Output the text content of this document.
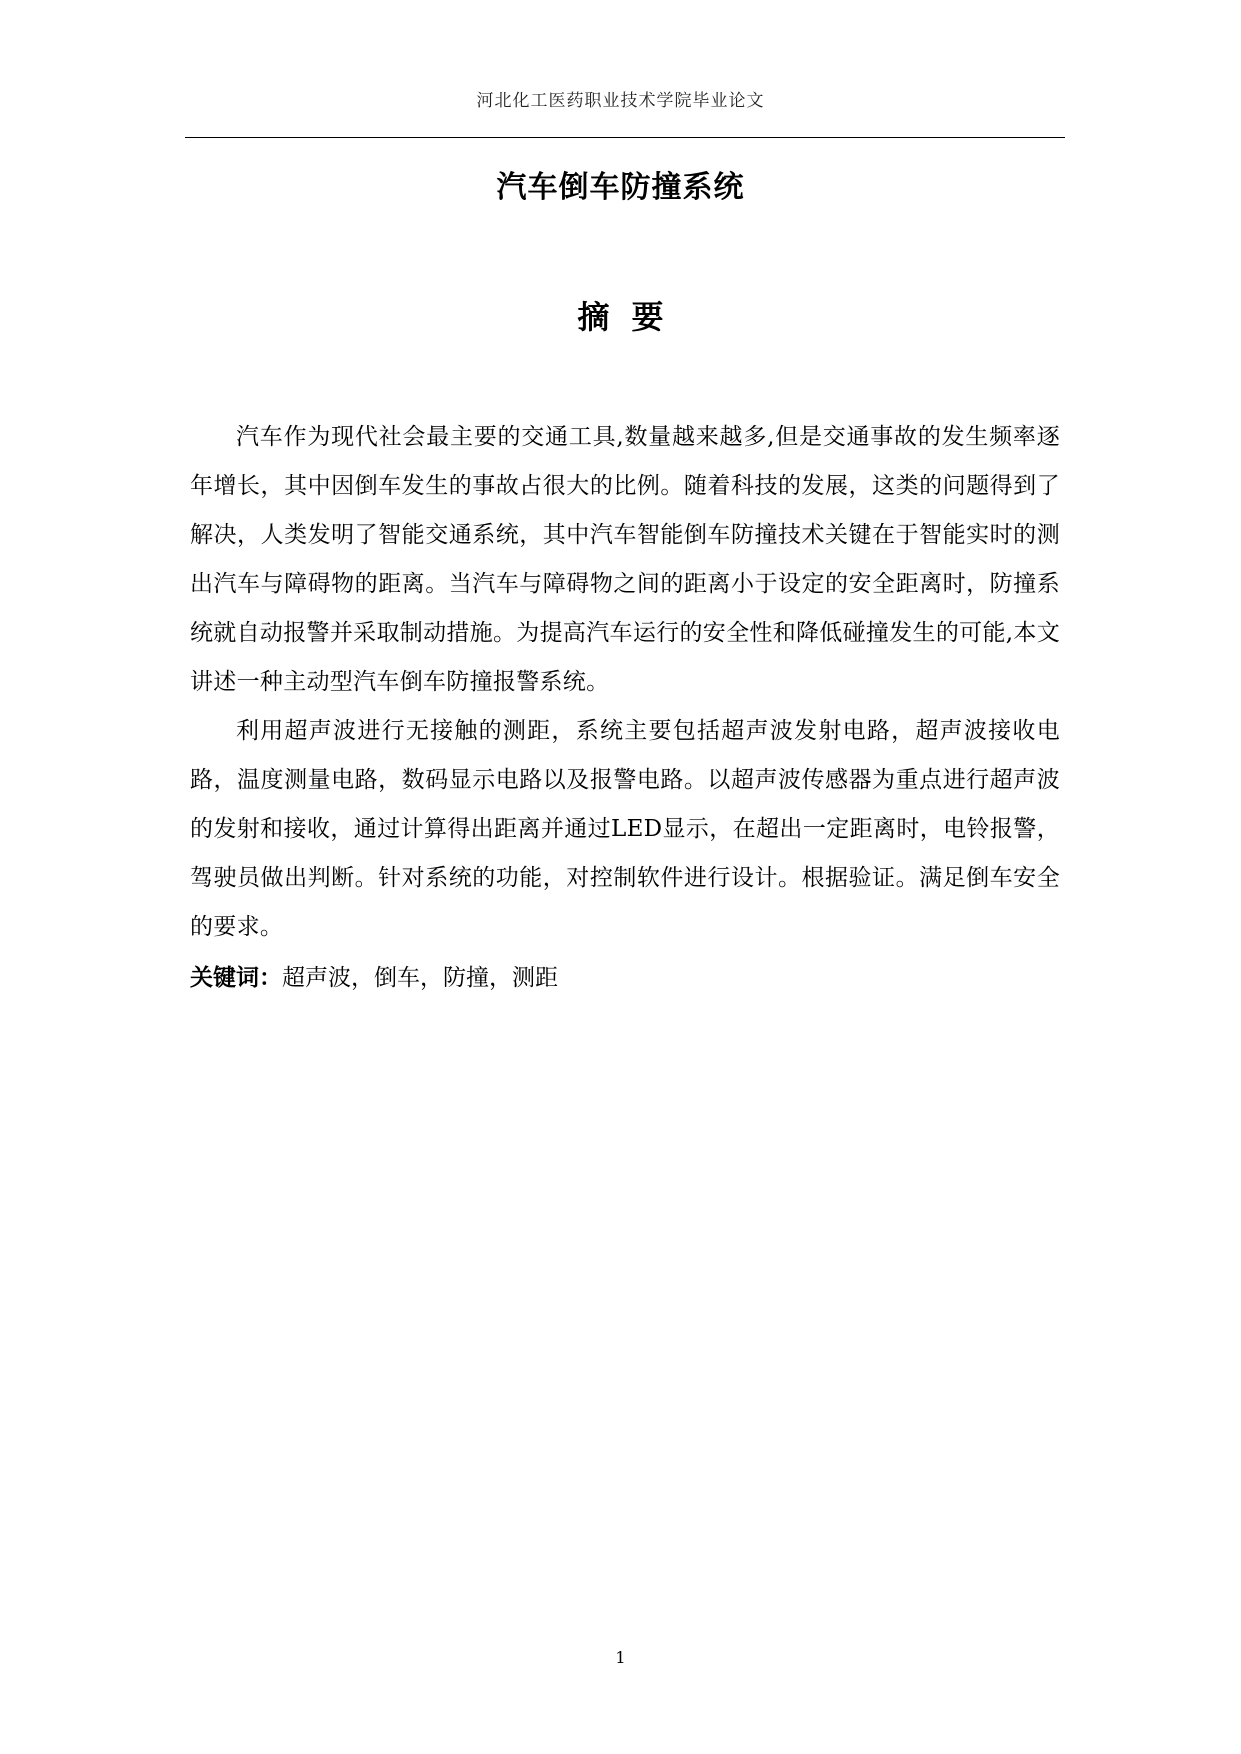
河北化工医药职业技术学院毕业论文
汽车倒车防撞系统
摘要

汽车作为现代社会最主要的交通工具,数量越来越多,但是交通事故的发生频率逐年增长，其中因倒车发生的事故占很大的比例。随着科技的发展，这类的问题得到了解决，人类发明了智能交通系统，其中汽车智能倒车防撞技术关键在于智能实时的测出汽车与障碍物的距离。当汽车与障碍物之间的距离小于设定的安全距离时，防撞系统就自动报警并采取制动措施。为提高汽车运行的安全性和降低碰撞发生的可能,本文讲述一种主动型汽车倒车防撞报警系统。

利用超声波进行无接触的测距，系统主要包括超声波发射电路，超声波接收电路，温度测量电路，数码显示电路以及报警电路。以超声波传感器为重点进行超声波的发射和接收，通过计算得出距离并通过LED显示，在超出一定距离时，电铃报警，驾驶员做出判断。针对系统的功能，对控制软件进行设计。根据验证。满足倒车安全的要求。

关键词：超声波，倒车，防撞，测距

1
